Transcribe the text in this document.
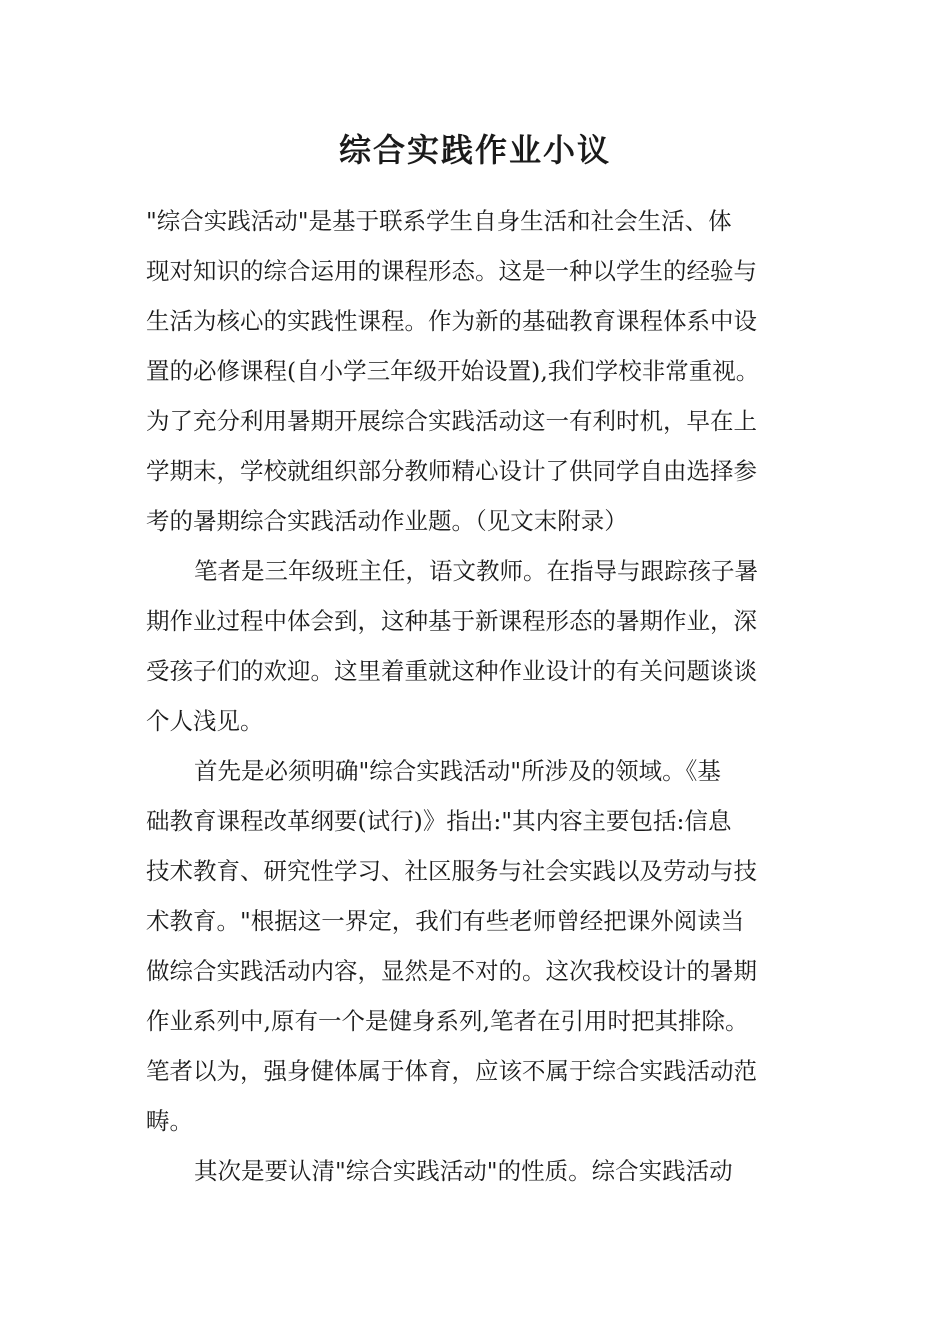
综合实践作业小议
"综合实践活动"是基于联系学生自身生活和社会生活、体
现对知识的综合运用的课程形态。这是一种以学生的经验与
生活为核心的实践性课程。作为新的基础教育课程体系中设
置的必修课程(自小学三年级开始设置),我们学校非常重视。
为了充分利用暑期开展综合实践活动这一有利时机，早在上
学期末，学校就组织部分教师精心设计了供同学自由选择参
考的暑期综合实践活动作业题。（见文末附录）
笔者是三年级班主任，语文教师。在指导与跟踪孩子暑
期作业过程中体会到，这种基于新课程形态的暑期作业，深
受孩子们的欢迎。这里着重就这种作业设计的有关问题谈谈
个人浅见。
首先是必须明确"综合实践活动"所涉及的领域。《基
础教育课程改革纲要(试行)》指出:"其内容主要包括:信息
技术教育、研究性学习、社区服务与社会实践以及劳动与技
术教育。"根据这一界定，我们有些老师曾经把课外阅读当
做综合实践活动内容，显然是不对的。这次我校设计的暑期
作业系列中,原有一个是健身系列,笔者在引用时把其排除。
笔者以为，强身健体属于体育，应该不属于综合实践活动范
畴。
其次是要认清"综合实践活动"的性质。综合实践活动
